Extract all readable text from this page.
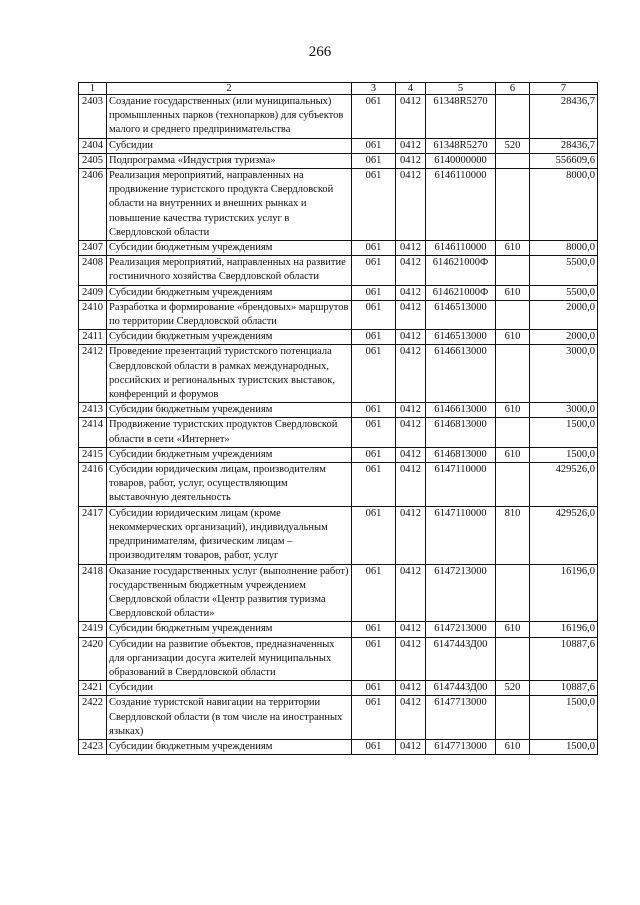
266
1	2	3	4	5	6	7
2403	Создание государственных (или муниципальных) промышленных парков (технопарков) для субъектов малого и среднего предпринимательства	061	0412	61348R5270		28436,7
2404	Субсидии	061	0412	61348R5270	520	28436,7
2405	Подпрограмма «Индустрия туризма»	061	0412	6140000000		556609,6
2406	Реализация мероприятий, направленных на продвижение туристского продукта Свердловской области на внутренних и внешних рынках и повышение качества туристских услуг в Свердловской области	061	0412	6146110000		8000,0
2407	Субсидии бюджетным учреждениям	061	0412	6146110000	610	8000,0
2408	Реализация мероприятий, направленных на развитие гостиничного хозяйства Свердловской области	061	0412	614621000Ф		5500,0
2409	Субсидии бюджетным учреждениям	061	0412	614621000Ф	610	5500,0
2410	Разработка и формирование «брендовых» маршрутов по территории Свердловской области	061	0412	6146513000		2000,0
2411	Субсидии бюджетным учреждениям	061	0412	6146513000	610	2000,0
2412	Проведение презентаций туристского потенциала Свердловской области в рамках международных, российских и региональных туристских выставок, конференций и форумов	061	0412	6146613000		3000,0
2413	Субсидии бюджетным учреждениям	061	0412	6146613000	610	3000,0
2414	Продвижение туристских продуктов Свердловской области в сети «Интернет»	061	0412	6146813000		1500,0
2415	Субсидии бюджетным учреждениям	061	0412	6146813000	610	1500,0
2416	Субсидии юридическим лицам, производителям товаров, работ, услуг, осуществляющим выставочную деятельность	061	0412	6147110000		429526,0
2417	Субсидии юридическим лицам (кроме некоммерческих организаций), индивидуальным предпринимателям, физическим лицам – производителям товаров, работ, услуг	061	0412	6147110000	810	429526,0
2418	Оказание государственных услуг (выполнение работ) государственным бюджетным учреждением Свердловской области «Центр развития туризма Свердловской области»	061	0412	6147213000		16196,0
2419	Субсидии бюджетным учреждениям	061	0412	6147213000	610	16196,0
2420	Субсидии на развитие объектов, предназначенных для организации досуга жителей муниципальных образований в Свердловской области	061	0412	614744ЗД00		10887,6
2421	Субсидии	061	0412	614744ЗД00	520	10887,6
2422	Создание туристской навигации на территории Свердловской области (в том числе на иностранных языках)	061	0412	6147713000		1500,0
2423	Субсидии бюджетным учреждениям	061	0412	6147713000	610	1500,0
